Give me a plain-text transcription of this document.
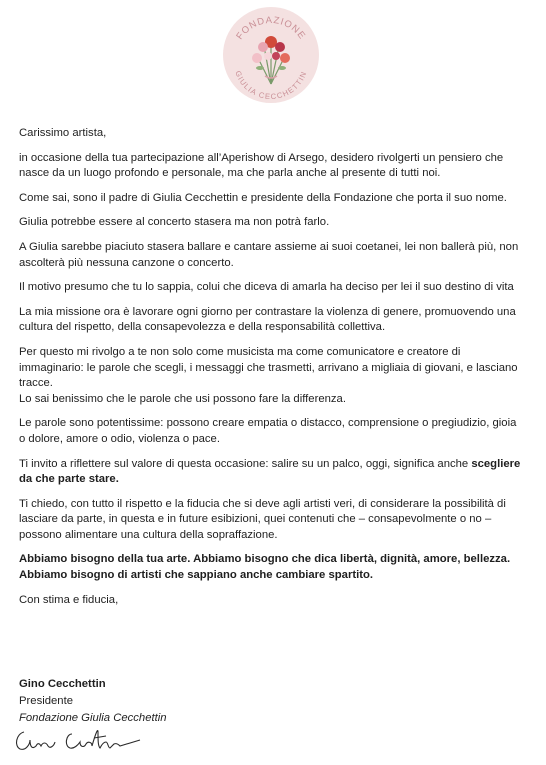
FONDAZIONE
GIULIA CECCHETTIN

Carissimo artista,

in occasione della tua partecipazione all’Aperishow di Arsego, desidero rivolgerti un pensiero che nasce da un luogo profondo e personale, ma che parla anche al presente di tutti noi.

Come sai, sono il padre di Giulia Cecchettin e presidente della Fondazione che porta il suo nome.

Giulia potrebbe essere al concerto stasera ma non potrà farlo.

A Giulia sarebbe piaciuto stasera ballare e cantare assieme ai suoi coetanei, lei non ballerà più, non ascolterà più nessuna canzone o concerto.

Il motivo presumo che tu lo sappia, colui che diceva di amarla ha deciso per lei il suo destino di vita

La mia missione ora è lavorare ogni giorno per contrastare la violenza di genere, promuovendo una cultura del rispetto, della consapevolezza e della responsabilità collettiva.

Per questo mi rivolgo a te non solo come musicista ma come comunicatore e creatore di immaginario: le parole che scegli, i messaggi che trasmetti, arrivano a migliaia di giovani, e lasciano tracce.

Lo sai benissimo che le parole che usi possono fare la differenza.

Le parole sono potentissime: possono creare empatia o distacco, comprensione o pregiudizio, gioia o dolore, amore o odio, violenza o pace.

Ti invito a riflettere sul valore di questa occasione: salire su un palco, oggi, significa anche scegliere da che parte stare.

Ti chiedo, con tutto il rispetto e la fiducia che si deve agli artisti veri, di considerare la possibilità di lasciare da parte, in questa e in future esibizioni, quei contenuti che – consapevolmente o no – possono alimentare una cultura della sopraffazione.

Abbiamo bisogno della tua arte. Abbiamo bisogno che dica libertà, dignità, amore, bellezza.

Abbiamo bisogno di artisti che sappiano anche cambiare spartito.

Con stima e fiducia,

Gino Cecchettin
Presidente
Fondazione Giulia Cecchettin
